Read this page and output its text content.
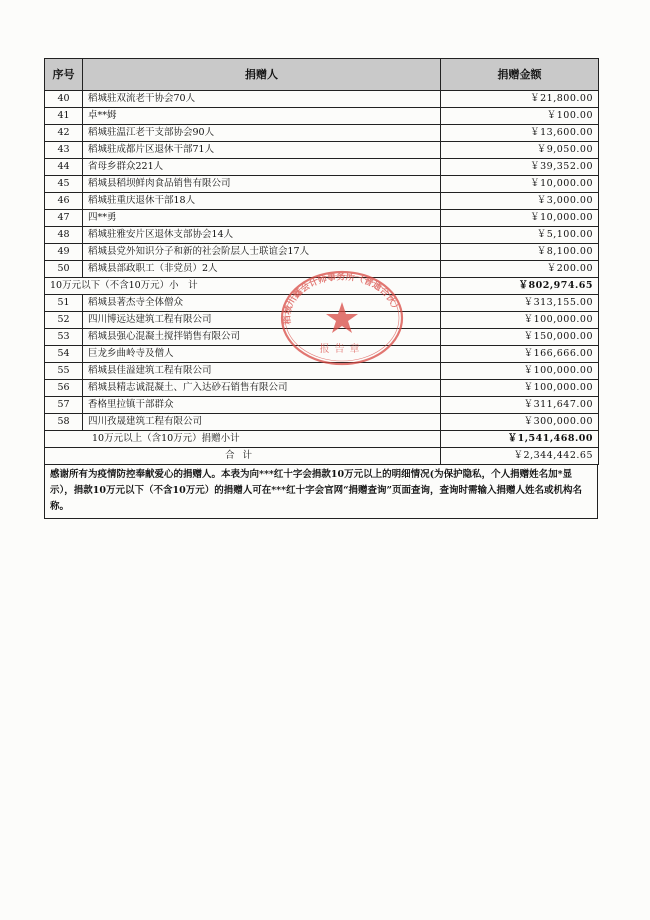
序号	捐赠人	捐赠金额
40	稻城驻双流老干协会70人	￥21,800.00
41	卓**姆	￥100.00
42	稻城驻温江老干支部协会90人	￥13,600.00
43	稻城驻成都片区退休干部71人	￥9,050.00
44	省母乡群众221人	￥39,352.00
45	稻城县稻坝鲜肉食品销售有限公司	￥10,000.00
46	稻城驻重庆退休干部18人	￥3,000.00
47	四**勇	￥10,000.00
48	稻城驻雅安片区退休支部协会14人	￥5,100.00
49	稻城县党外知识分子和新的社会阶层人士联谊会17人	￥8,100.00
50	稻城县部政职工（非党员）2人	￥200.00
10万元以下（不含10万元）小　计		￥802,974.65
51	稻城县著杰寺全体僧众	￥313,155.00
52	四川博远达建筑工程有限公司	￥100,000.00
53	稻城县强心混凝土搅拌销售有限公司	￥150,000.00
54	巨龙乡曲岭寺及僧人	￥166,666.00
55	稻城县佳溢建筑工程有限公司	￥100,000.00
56	稻城县精志诚混凝土、广入达砂石销售有限公司	￥100,000.00
57	香格里拉镇干部群众	￥311,647.00
58	四川孜晟建筑工程有限公司	￥300,000.00
10万元以上（含10万元）捐赠小计		￥1,541,468.00
合计		￥2,344,442.65
感谢所有为疫情防控奉献爱心的捐赠人。本表为向***红十字会捐款10万元以上的明细情况(为保护隐私，个人捐赠姓名加*显示），捐款10万元以下（不含10万元）的捐赠人可在***红十字会官网“捐赠查询”页面查询，查询时需输入捐赠人姓名或机构名称。
稻城川鑫会计师事务所（普通合伙）
报告章
